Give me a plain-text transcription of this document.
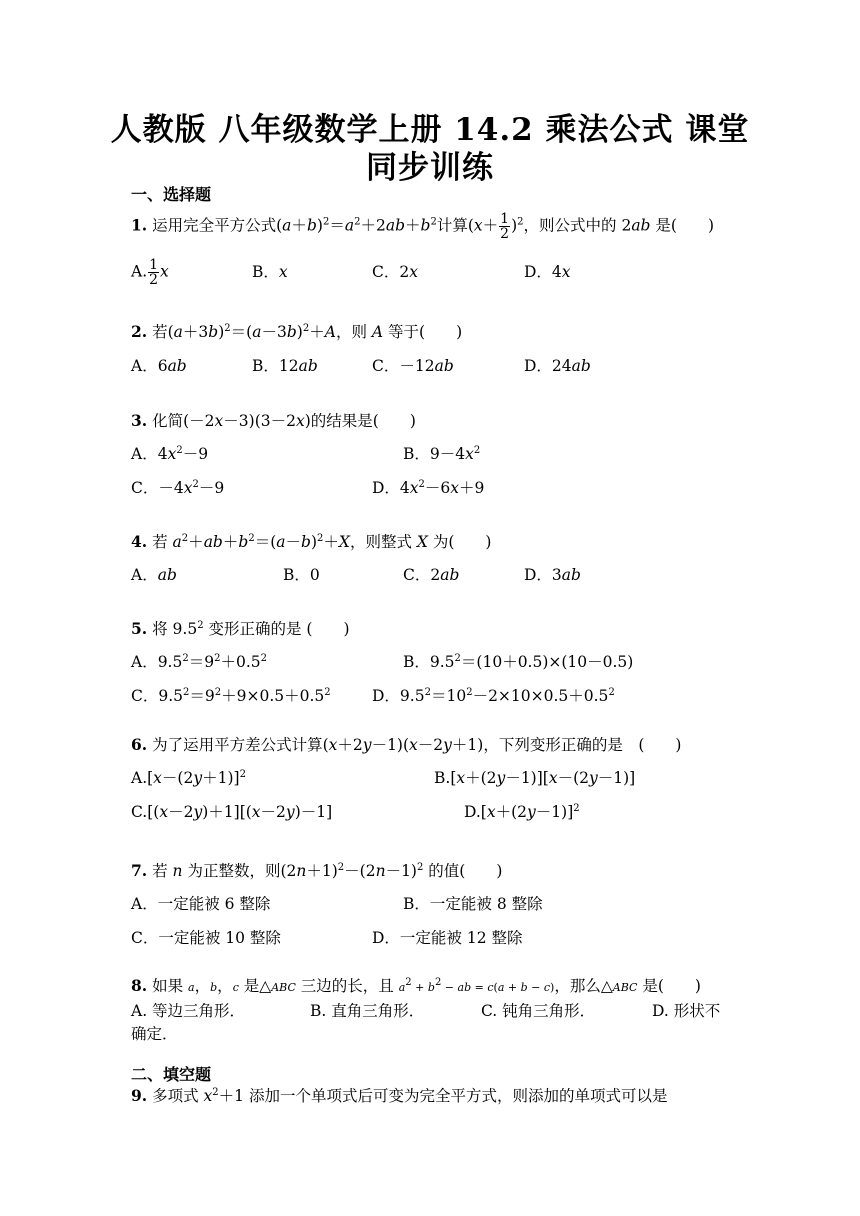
人教版 八年级数学上册 14.2 乘法公式 课堂
同步训练
一、选择题
1. 运用完全平方公式$(a+b)^2=a^2+2ab+b^2$计算$(x+ \frac{1}{2} )^2$，则公式中的 2ab 是(　　)
A. $\frac{1}{2}$ x	B．x	C．2x	D．4x
2. 若$(a+3b)^2=(a-3b)^2+A$，则 A 等于(　　)
A．6ab	B．12ab	C．－12ab	D．24ab
3. 化简(－2x－3)(3－2x)的结果是(　　)
A．$4x^2-9$	B．$9-4x^2$
C．$-4x^2-9$	D．$4x^2-6x+9$
4. 若 $a^2+ab+b^2=(a-b)^2+X$，则整式 X 为(　　)
A．ab	B．0	C．2ab	D．3ab
5. 将 $9.5^2$ 变形正确的是 (　　)
A．$9.5^2=9^2+0.5^2$	B．$9.5^2=(10+0.5)\times(10-0.5)$
C．$9.5^2=9^2+9\times 0.5+0.5^2$	D．$9.5^2=10^2-2\times 10\times 0.5+0.5^2$
6. 为了运用平方差公式计算(x＋2y－1)(x－2y＋1)，下列变形正确的是　(　　)
$A.[x-(2y+1)]^2$	B.[x＋(2y－1)][x－(2y－1)]
C.[(x－2y)＋1][(x－2y)－1]	$D.[x+(2y-1)]^2$
7. 若 n 为正整数，则$(2n+1)^2-(2n-1)^2$ 的值(　　)
A．一定能被 6 整除	B．一定能被 8 整除
C．一定能被 10 整除	D．一定能被 12 整除
8. 如果 a，b，c 是△ABC 三边的长，且 $a^2 + b^2$ − ab = c(a + b − c)，那么△ABC 是(　　)
A. 等边三角形．	B. 直角三角形．	C. 钝角三角形．	D. 形状不
确定．
二、填空题
9. 多项式 $x^2+1$ 添加一个单项式后可变为完全平方式，则添加的单项式可以是
